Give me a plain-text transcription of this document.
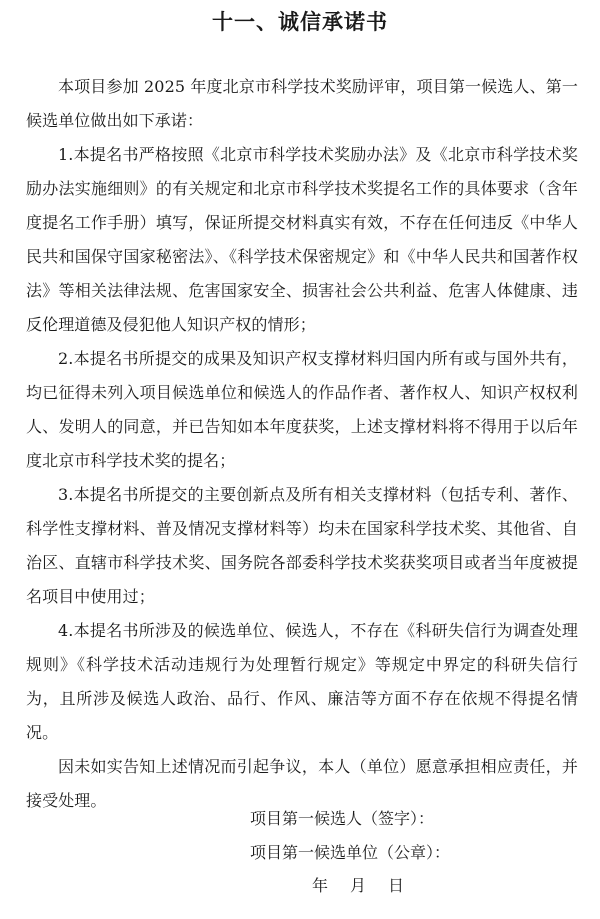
十一、诚信承诺书

本项目参加 2025 年度北京市科学技术奖励评审，项目第一候选人、第一候选单位做出如下承诺：

1.本提名书严格按照《北京市科学技术奖励办法》及《北京市科学技术奖励办法实施细则》的有关规定和北京市科学技术奖提名工作的具体要求（含年度提名工作手册）填写，保证所提交材料真实有效，不存在任何违反《中华人民共和国保守国家秘密法》、《科学技术保密规定》和《中华人民共和国著作权法》等相关法律法规、危害国家安全、损害社会公共利益、危害人体健康、违反伦理道德及侵犯他人知识产权的情形；

2.本提名书所提交的成果及知识产权支撑材料归国内所有或与国外共有，均已征得未列入项目候选单位和候选人的作品作者、著作权人、知识产权权利人、发明人的同意，并已告知如本年度获奖，上述支撑材料将不得用于以后年度北京市科学技术奖的提名；

3.本提名书所提交的主要创新点及所有相关支撑材料（包括专利、著作、科学性支撑材料、普及情况支撑材料等）均未在国家科学技术奖、其他省、自治区、直辖市科学技术奖、国务院各部委科学技术奖获奖项目或者当年度被提名项目中使用过；

4.本提名书所涉及的候选单位、候选人，不存在《科研失信行为调查处理规则》《科学技术活动违规行为处理暂行规定》等规定中界定的科研失信行为，且所涉及候选人政治、品行、作风、廉洁等方面不存在依规不得提名情况。

因未如实告知上述情况而引起争议，本人（单位）愿意承担相应责任，并接受处理。

项目第一候选人（签字）：

项目第一候选单位（公章）：

年 月 日
